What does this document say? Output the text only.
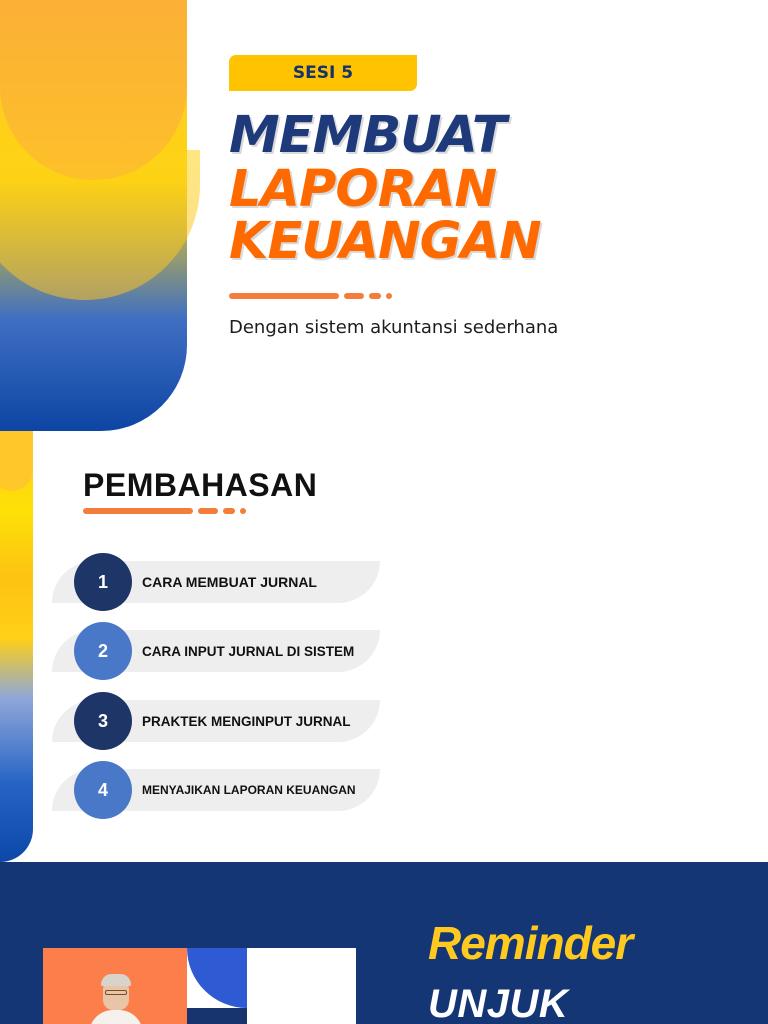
SESI 5
MEMBUAT
LAPORAN
KEUANGAN
Dengan sistem akuntansi sederhana
PEMBAHASAN
1	CARA MEMBUAT JURNAL
2	CARA INPUT JURNAL DI SISTEM
3	PRAKTEK MENGINPUT JURNAL
4	MENYAJIKAN LAPORAN KEUANGAN
Reminder
UNJUK
